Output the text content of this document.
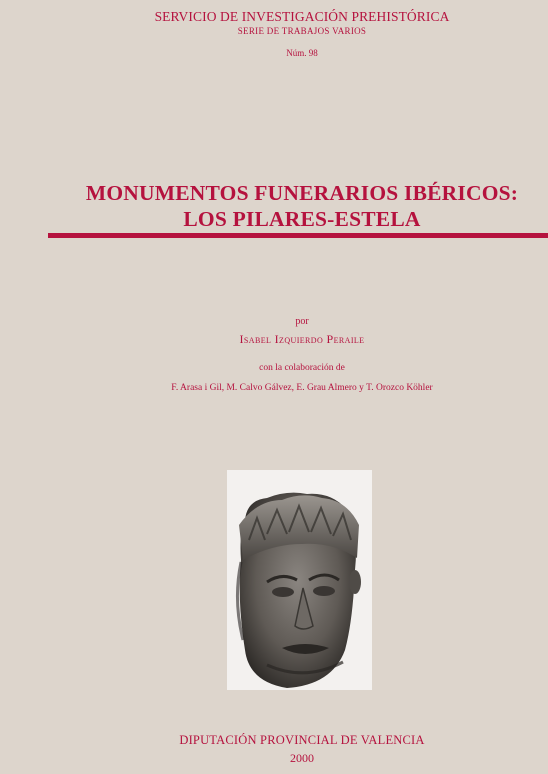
SERVICIO DE INVESTIGACIÓN PREHISTÓRICA
SERIE DE TRABAJOS VARIOS
Núm. 98
MONUMENTOS FUNERARIOS IBÉRICOS:
LOS PILARES-ESTELA
por
Isabel Izquierdo Peraile
con la colaboración de
F. Arasa i Gil, M. Calvo Gálvez, E. Grau Almero y T. Orozco Köhler
DIPUTACIÓN PROVINCIAL DE VALENCIA
2000
